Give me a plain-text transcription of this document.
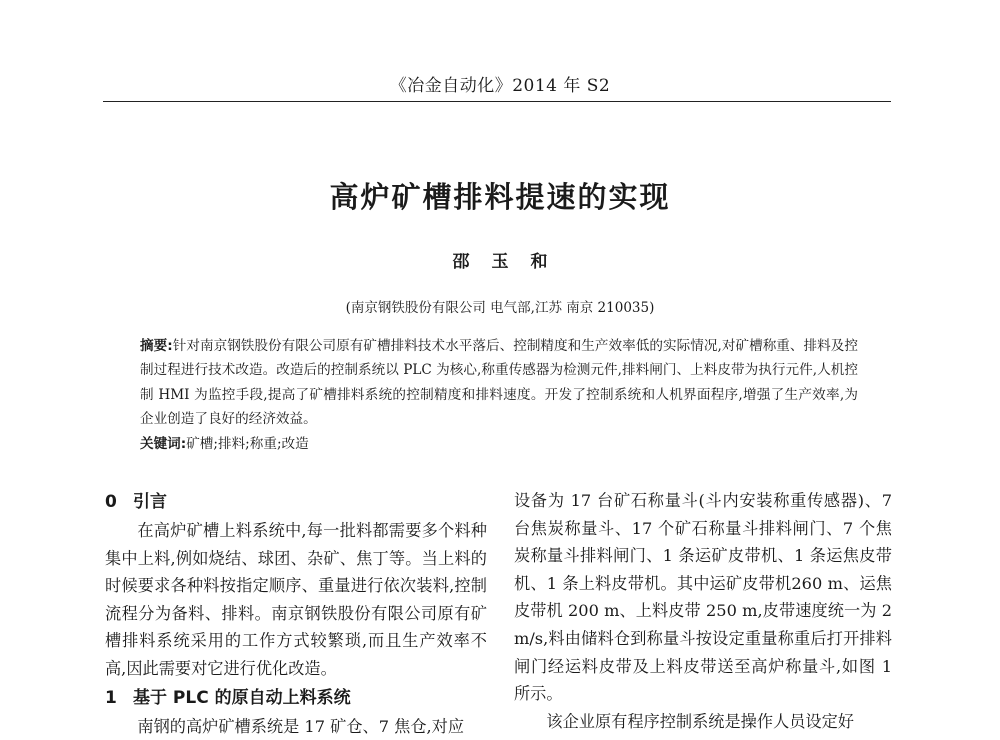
《冶金自动化》2014 年 S2
高炉矿槽排料提速的实现
邵玉和
(南京钢铁股份有限公司 电气部,江苏 南京 210035)
摘要:针对南京钢铁股份有限公司原有矿槽排料技术水平落后、控制精度和生产效率低的实际情况,对矿槽称重、排料及控制过程进行技术改造。改造后的控制系统以 PLC 为核心,称重传感器为检测元件,排料闸门、上料皮带为执行元件,人机控制 HMI 为监控手段,提高了矿槽排料系统的控制精度和排料速度。开发了控制系统和人机界面程序,增强了生产效率,为企业创造了良好的经济效益。
关键词:矿槽;排料;称重;改造
0 引言

在高炉矿槽上料系统中,每一批料都需要多个料种集中上料,例如烧结、球团、杂矿、焦丁等。当上料的时候要求各种料按指定顺序、重量进行依次装料,控制流程分为备料、排料。南京钢铁股份有限公司原有矿槽排料系统采用的工作方式较繁琐,而且生产效率不高,因此需要对它进行优化改造。

1 基于 PLC 的原自动上料系统

南钢的高炉矿槽系统是 17 矿仓、7 焦仓,对应

设备为 17 台矿石称量斗(斗内安装称重传感器)、7 台焦炭称量斗、17 个矿石称量斗排料闸门、7 个焦炭称量斗排料闸门、1 条运矿皮带机、1 条运焦皮带机、1 条上料皮带机。其中运矿皮带机260 m、运焦皮带机 200 m、上料皮带 250 m,皮带速度统一为 2 m/s,料由储料仓到称量斗按设定重量称重后打开排料闸门经运料皮带及上料皮带送至高炉称量斗,如图 1 所示。

该企业原有程序控制系统是操作人员设定好
